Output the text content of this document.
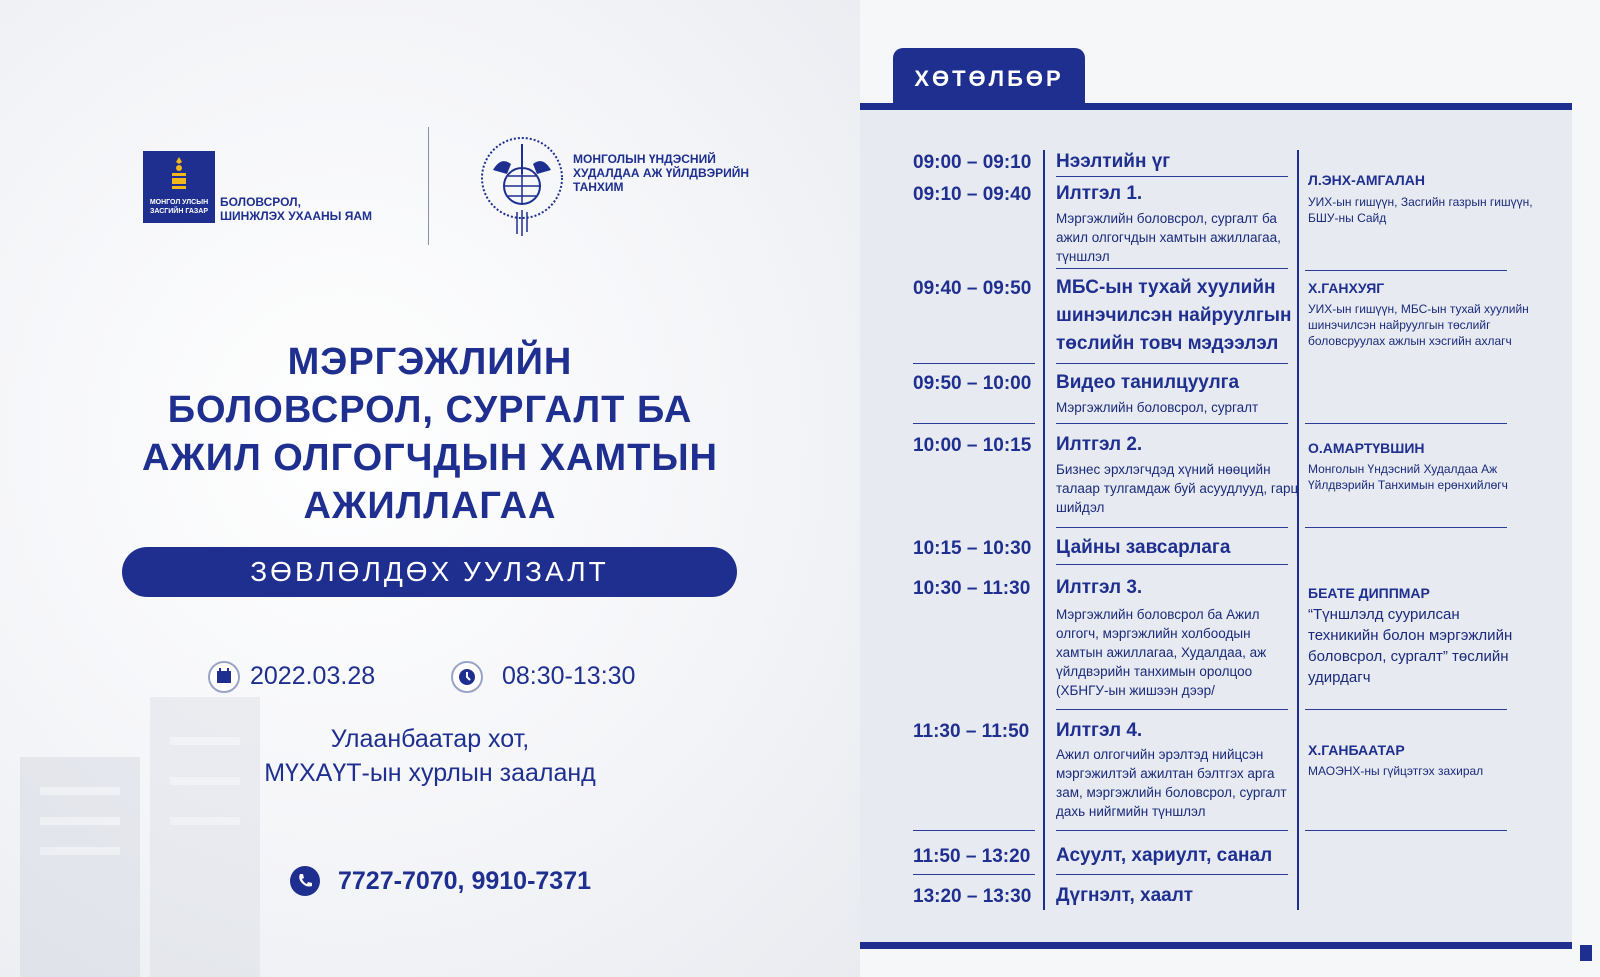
МОНГОЛ УЛСЫН
ЗАСГИЙН ГАЗАР
БОЛОВСРОЛ,
ШИНЖЛЭХ УХААНЫ ЯАМ
МОНГОЛЫН ҮНДЭСНИЙ
ХУДАЛДАА АЖ ҮЙЛДВЭРИЙН
ТАНХИМ
МЭРГЭЖЛИЙН
БОЛОВСРОЛ, СУРГАЛТ БА
АЖИЛ ОЛГОГЧДЫН ХАМТЫН
АЖИЛЛАГАА
ЗӨВЛӨЛДӨХ УУЛЗАЛТ
2022.03.28	08:30-13:30
Улаанбаатар хот,
МҮХАҮТ-ын хурлын зааланд
7727-7070, 9910-7371
ХӨТӨЛБӨР
09:00 – 09:10 Нээлтийн үг
09:10 – 09:40 Илтгэл 1.
Мэргэжлийн боловсрол, сургалт ба ажил олгогчдын хамтын ажиллагаа, түншлэл
09:40 – 09:50 МБС-ын тухай хуулийн шинэчилсэн найруулгын төслийн товч мэдээлэл
09:50 – 10:00 Видео танилцуулга
Мэргэжлийн боловсрол, сургалт
10:00 – 10:15 Илтгэл 2.
Бизнес эрхлэгчдэд хүний нөөцийн талаар тулгамдаж буй асуудлууд, гарц шийдэл
10:15 – 10:30 Цайны завсарлага
10:30 – 11:30 Илтгэл 3.
Мэргэжлийн боловсрол ба Ажил олгогч, мэргэжлийн холбоодын хамтын ажиллагаа, Худалдаа, аж үйлдвэрийн танхимын оролцоо (ХБНГУ-ын жишээн дээр/
11:30 – 11:50 Илтгэл 4.
Ажил олгогчийн эрэлтэд нийцсэн мэргэжилтэй ажилтан бэлтгэх арга зам, мэргэжлийн боловсрол, сургалт дахь нийгмийн түншлэл
11:50 – 13:20 Асуулт, хариулт, санал
13:20 – 13:30 Дүгнэлт, хаалт
Л.ЭНХ-АМГАЛАН
УИХ-ын гишүүн, Засгийн газрын гишүүн, БШУ-ны Сайд
Х.ГАНХУЯГ
УИХ-ын гишүүн, МБС-ын тухай хуулийн шинэчилсэн найруулгын төслийг боловсруулах ажлын хэсгийн ахлагч
О.АМАРТҮВШИН
Монголын Үндэсний Худалдаа Аж Үйлдвэрийн Танхимын ерөнхийлөгч
БЕАТЕ ДИППМАР
“Түншлэлд суурилсан техникийн болон мэргэжлийн боловсрол, сургалт” төслийн удирдагч
Х.ГАНБААТАР
МАОЭНХ-ны гүйцэтгэх захирал
